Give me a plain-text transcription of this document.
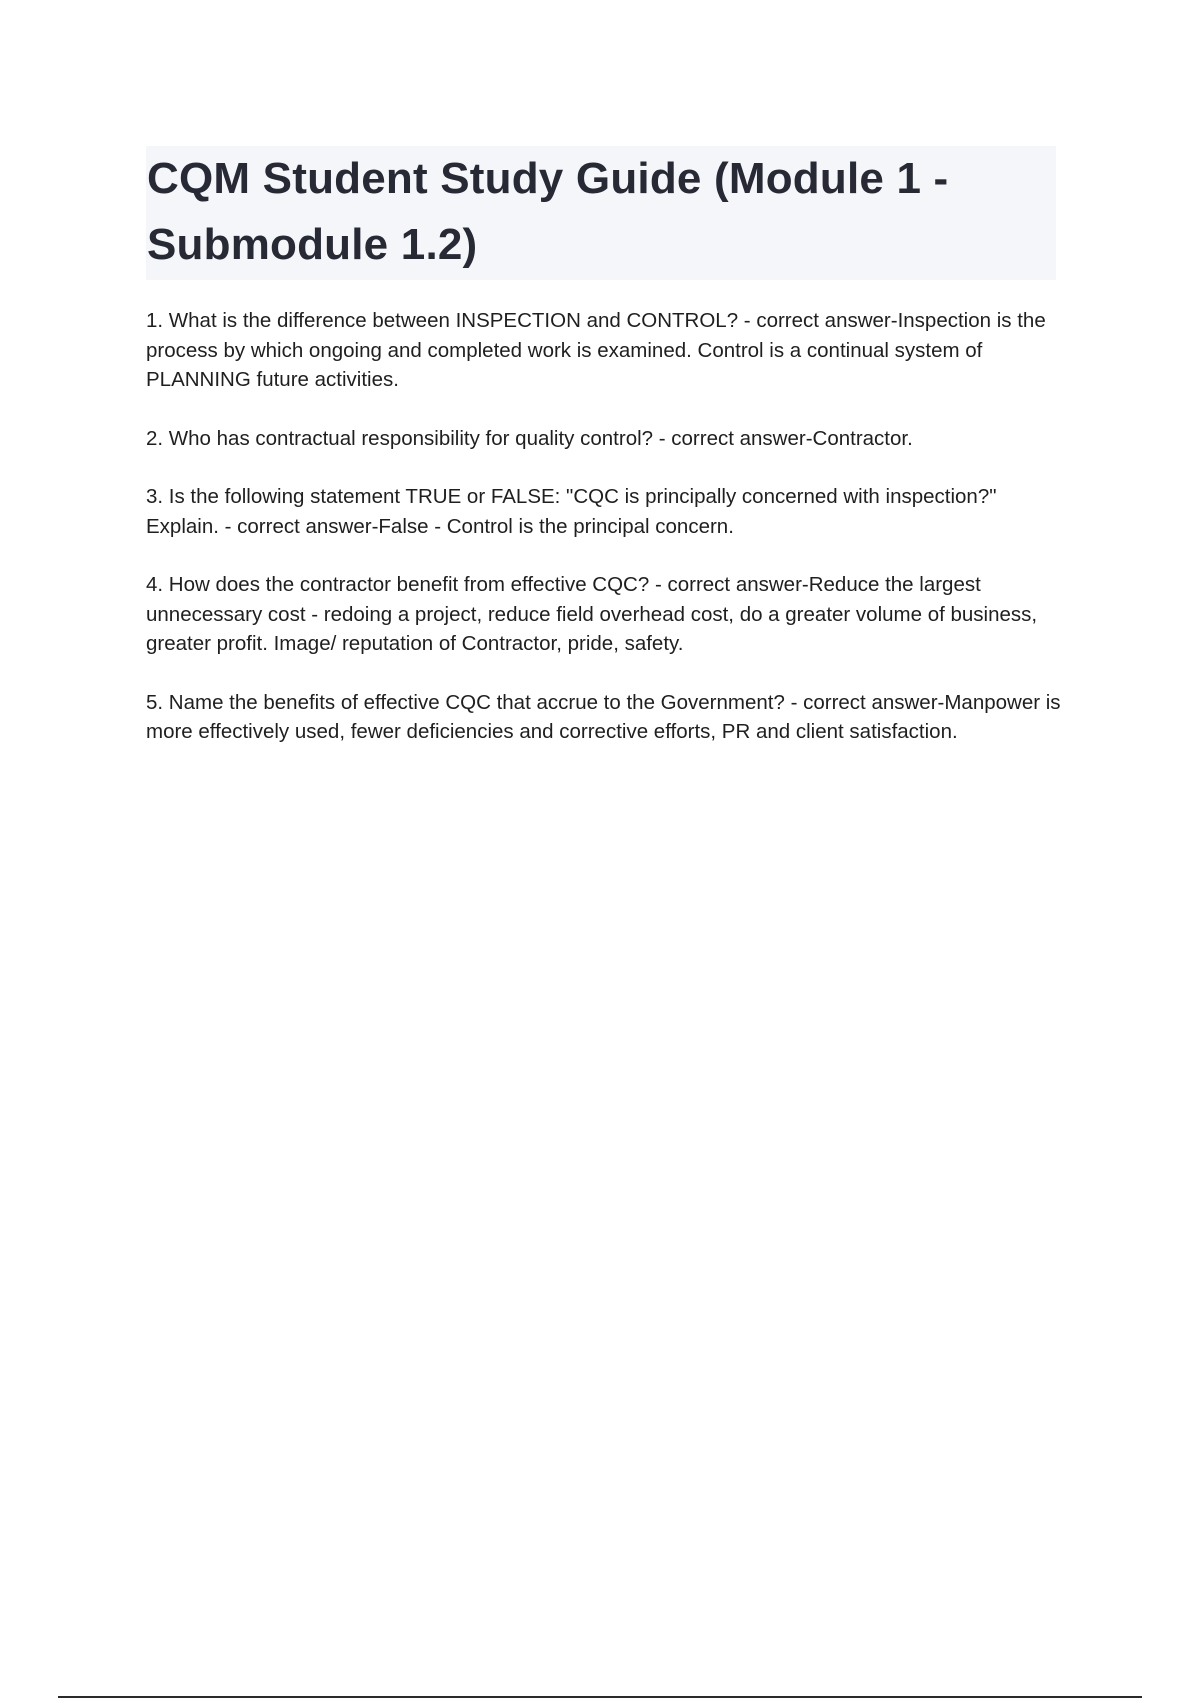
CQM Student Study Guide (Module 1 - Submodule 1.2)
1. What is the difference between INSPECTION and CONTROL? - correct answer-Inspection is the process by which ongoing and completed work is examined. Control is a continual system of PLANNING future activities.
2. Who has contractual responsibility for quality control? - correct answer-Contractor.
3. Is the following statement TRUE or FALSE: "CQC is principally concerned with inspection?" Explain. - correct answer-False - Control is the principal concern.
4. How does the contractor benefit from effective CQC? - correct answer-Reduce the largest unnecessary cost - redoing a project, reduce field overhead cost, do a greater volume of business, greater profit. Image/ reputation of Contractor, pride, safety.
5. Name the benefits of effective CQC that accrue to the Government? - correct answer-Manpower is more effectively used, fewer deficiencies and corrective efforts, PR and client satisfaction.
